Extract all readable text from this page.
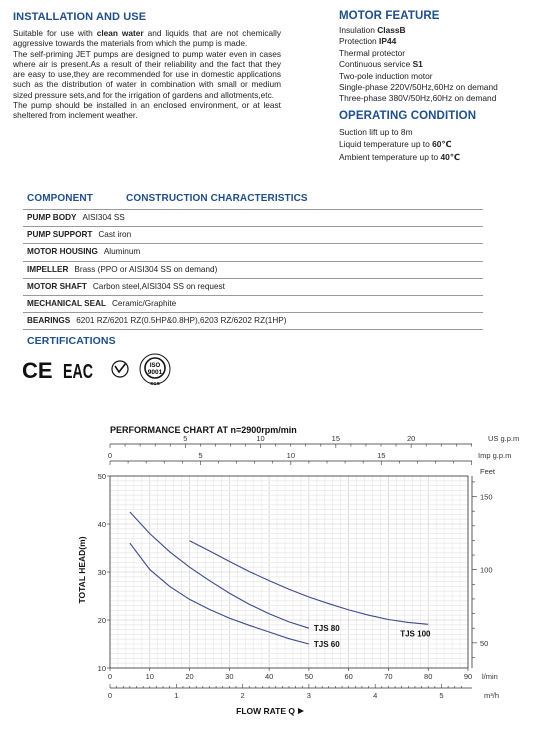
INSTALLATION AND USE

Suitable for use with clean water and liquids that are not chemically aggressive towards the materials from which the pump is made.

The self-priming JET pumps are designed to pump water even in cases where air is present.As a result of their reliability and the fact that they are easy to use,they are recommended for use in domestic applications such as the distribution of water in combination with small or medium sized pressure sets,and for the irrigation of gardens and allotments,etc.

The pump should be installed in an enclosed environment, or at least sheltered from inclement weather.

MOTOR FEATURE
Insulation ClassB
Protection IP44
Thermal protector
Continuous service S1
Two-pole induction motor
Single-phase 220V/50Hz,60Hz on demand
Three-phase 380V/50Hz,60Hz on demand
OPERATING CONDITION
Suction lift up to 8m
Liquid temperature up to 60℃
Ambient temperature up to 40℃
COMPONENT	CONSTRUCTION CHARACTERISTICS
PUMP BODY AISI304 SS
PUMP SUPPORT Cast iron
MOTOR HOUSING Aluminum
IMPELLER Brass (PPO or AISI304 SS on demand)
MOTOR SHAFT Carbon steel,AISI304 SS on request
MECHANICAL SEAL Ceramic/Graphite
BEARINGS 6201 RZ/6201 RZ(0.5HP&0.8HP),6203 RZ/6202 RZ(1HP)
CERTIFICATIONS
CE EAC	ISO
9001
SGS
PERFORMANCE CHART AT n=2900rpm/min
5	10	15	20	US g.p.m
0	5	10	15	Imp g.p.m
0	10	20	30	40	50	60	70	80	90 l/min
0	1	2	3	4	5	m³/h
10
20
30
40
50
50
100
150
Feet
TJS 60
TJS 80
TJS 100
TOTAL HEAD(m)
FLOW RATE Q
